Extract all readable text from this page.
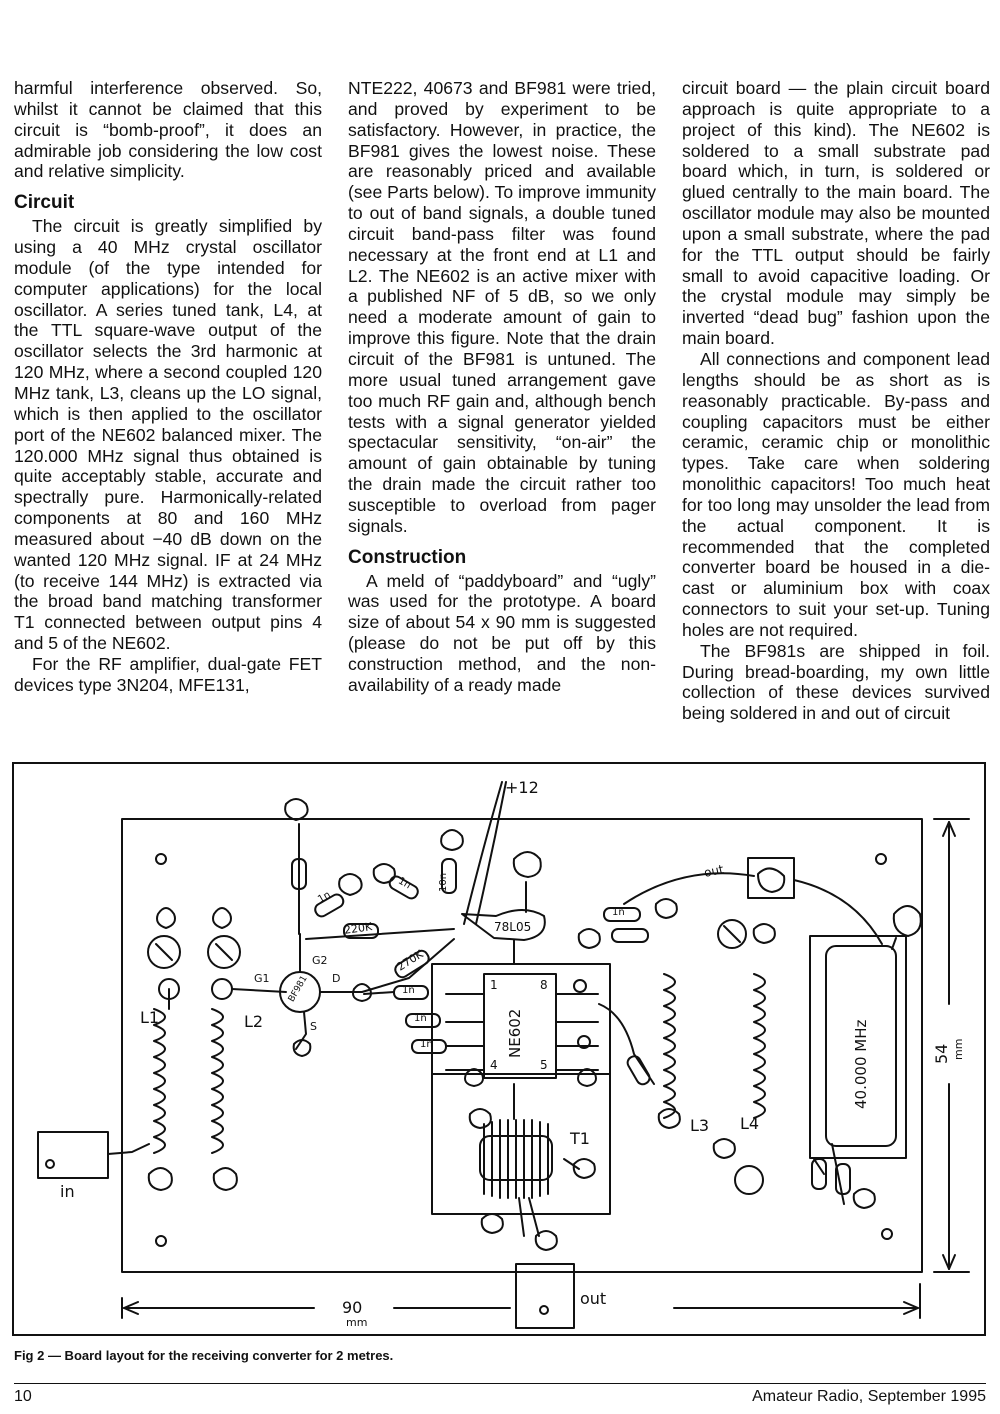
harmful interference observed. So, whilst it cannot be claimed that this circuit is “bomb-proof”, it does an admirable job considering the low cost and relative simplicity.

Circuit

The circuit is greatly simplified by using a 40 MHz crystal oscillator module (of the type intended for computer applications) for the local oscillator. A series tuned tank, L4, at the TTL square-wave output of the oscillator selects the 3rd harmonic at 120 MHz, where a second coupled 120 MHz tank, L3, cleans up the LO signal, which is then applied to the oscillator port of the NE602 balanced mixer. The 120.000 MHz signal thus obtained is quite acceptably stable, accurate and spectrally pure. Harmonically-related components at 80 and 160 MHz measured about −40 dB down on the wanted 120 MHz signal. IF at 24 MHz (to receive 144 MHz) is extracted via the broad band matching transformer T1 connected between output pins 4 and 5 of the NE602.

For the RF amplifier, dual-gate FET devices type 3N204, MFE131,

NTE222, 40673 and BF981 were tried, and proved by experiment to be satisfactory. However, in practice, the BF981 gives the lowest noise. These are reasonably priced and available (see Parts below). To improve immunity to out of band signals, a double tuned circuit band-pass filter was found necessary at the front end at L1 and L2. The NE602 is an active mixer with a published NF of 5 dB, so we only need a moderate amount of gain to improve this figure. Note that the drain circuit of the BF981 is untuned. The more usual tuned arrangement gave too much RF gain and, although bench tests with a signal generator yielded spectacular sensitivity, “on-air” the amount of gain obtainable by tuning the drain made the circuit rather too susceptible to overload from pager signals.

Construction

A meld of “paddyboard” and “ugly” was used for the prototype. A board size of about 54 x 90 mm is suggested (please do not be put off by this construction method, and the non-availability of a ready made

circuit board — the plain circuit board approach is quite appropriate to a project of this kind). The NE602 is soldered to a small substrate pad board which, in turn, is soldered or glued centrally to the main board. The oscillator module may also be mounted upon a small substrate, where the pad for the TTL output should be fairly small to avoid capacitive loading. Or the crystal module may simply be inverted “dead bug” fashion upon the main board.

All connections and component lead lengths should be as short as is reasonably practicable. By-pass and coupling capacitors must be either ceramic, ceramic chip or monolithic types. Take care when soldering monolithic capacitors! Too much heat for too long may unsolder the lead from the actual component. It is recommended that the completed converter board be housed in a die-cast or aluminium box with coax connectors to suit your set-up. Tuning holes are not required.

The BF981s are shipped in foil. During bread-boarding, my own little collection of these devices survived being soldered in and out of circuit

+12
in
out
out
L1	L2
L3 L4
T1
G1
G2
D
S
BF981
78L05
NE602
1	8
4	5	40.000 MHz
220K
270K
1n
1n
1n
1n
1n
1n
10n
90
mm
54 mm
Fig 2 — Board layout for the receiving converter for 2 metres.
10	Amateur Radio, September 1995
